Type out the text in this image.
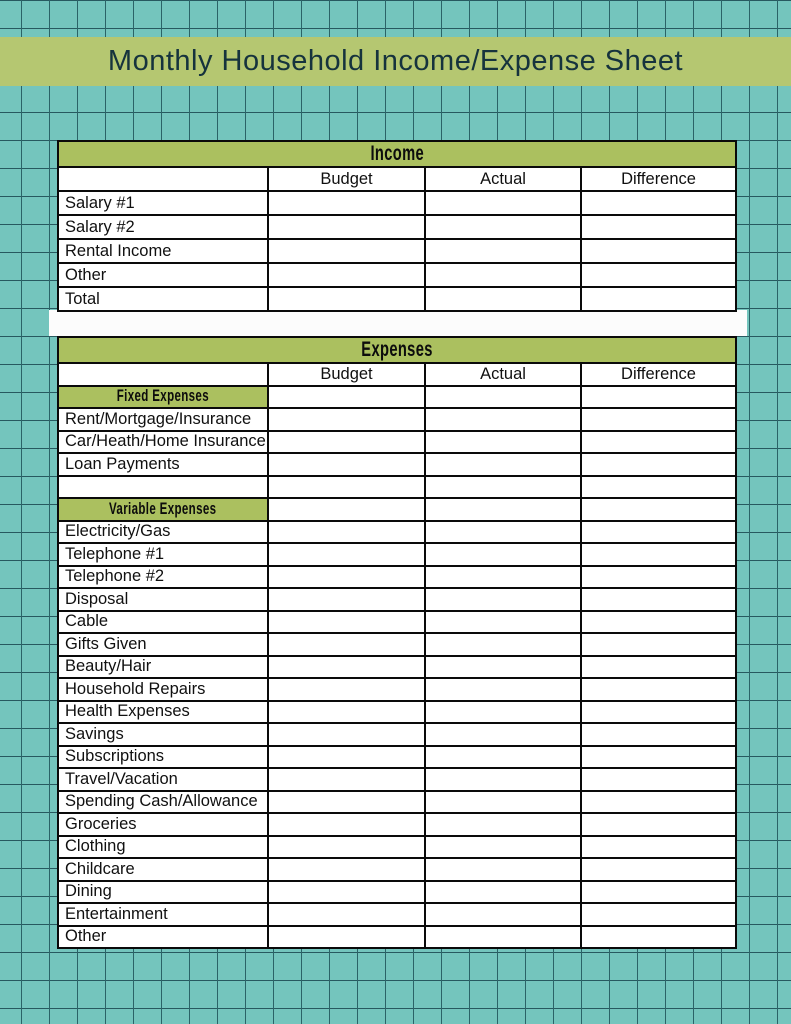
Monthly Household Income/Expense Sheet
Income			
	Budget	Actual	Difference
Salary #1			
Salary #2			
Rental Income			
Other			
Total			
Expenses			
	Budget	Actual	Difference
Fixed Expenses			
Rent/Mortgage/Insurance			
Car/Heath/Home Insurance			
Loan Payments			

Variable Expenses			
Electricity/Gas			
Telephone #1			
Telephone #2			
Disposal			
Cable			
Gifts Given			
Beauty/Hair			
Household Repairs			
Health Expenses			
Savings			
Subscriptions			
Travel/Vacation			
Spending Cash/Allowance			
Groceries			
Clothing			
Childcare			
Dining			
Entertainment			
Other			
